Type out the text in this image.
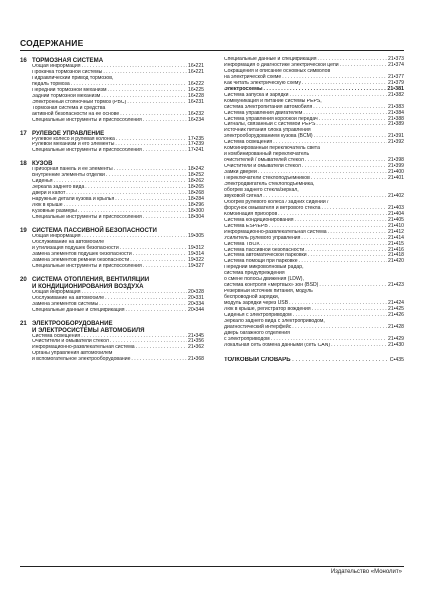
СОДЕРЖАНИЕ
16 ТОРМОЗНАЯ СИСТЕМА
Общая информация . . .	16•221
Прокачка тормозной системы . . .	16•221
Гидравлический привод тормозов,
педаль тормоза . . .	16•222
Передний тормозной механизм . . .	16•225
Задний тормозной механизм . . .	16•228
Электронный стояночный тормоз (PBC) . . .	16•231
Тормозная система и средства
активной безопасности на ее основе . . .	16•232
Специальные инструменты и приспособления . . .	16•234
17 РУЛЕВОЕ УПРАВЛЕНИЕ
Рулевое колесо и рулевая колонка . . .	17•235
Рулевой механизм и его элементы . . .	17•239
Специальные инструменты и приспособления . . .	17•241
18 КУЗОВ
Приборная панель и ее элементы . . .	18•242
Внутренние элементы отделки . . .	18•252
Сиденья . . .	18•262
Зеркала заднего вида . . .	18•265
Двери и капот . . .	18•268
Наружные детали кузова и крылья . . .	18•284
Люк в крыше . . .	18•296
Кузовные размеры . . .	18•300
Специальные инструменты и приспособления . . .	18•304
19 СИСТЕМА ПАССИВНОЙ БЕЗОПАСНОСТИ
Общая информация . . .	19•305
Обслуживание на автомобиле
и утилизация подушек безопасности . . .	19•312
Замена элементов подушек безопасности . . .	19•314
Замена элементов ремней безопасности . . .	19•322
Специальные инструменты и приспособления . . .	19•327
20 СИСТЕМА ОТОПЛЕНИЯ, ВЕНТИЛЯЦИИ
И КОНДИЦИОНИРОВАНИЯ ВОЗДУХА
Общая информация . . .	20•328
Обслуживание на автомобиле . . .	20•331
Замена элементов системы . . .	20•334
Специальные данные и спецификация . . .	20•344
21 ЭЛЕКТРООБОРУДОВАНИЕ
И ЭЛЕКТРОСИСТЕМЫ АВТОМОБИЛЯ
Система освещения . . .	21•345
Очистители и омыватели стекол . . .	21•356
Информационно-развлекательная система . . .	21•362
Органы управления автомобилем
и вспомогательное электрооборудование . . .	21•368
Специальные данные и спецификация . . .	21•373
Информация о диагностике электрической цепи . . .	21•374
Сокращения и описание основных символов
на электрической схеме . . .	21•377
Как читать электрическую схему . . .	21•379
Электросхемы . . .	21•381
Система запуска и зарядки . . .	21•382
Коммуникация и питание системы PEPS,
система электропитания автомобиля . . .	21•383
Система управления двигателем . . .	21•384
Система управления коробкой передач . . .	21•388
Сигналы, связанный с системой PEPS . . .	21•389
Источник питания блока управления
электрооборудованием кузова (BCM) . . .	21•391
Система освещения . . .	21•392
Комбинированный переключатель света
и комбинированный переключатель
очистителей / омывателей стекол . . .	21•398
Очистители и омыватели стекол . . .	21•399
Замки дверей . . .	21•400
Переключатели стеклоподъемников . . .	21•401
Электродвигатель стеклоподъемника,
обогрев заднего стекла/зеркал,
звуковой сигнал . . .	21•402
Обогрев рулевого колеса / задних сидений /
форсунок омывателя и ветрового стекла . . .	21•403
Комбинация приборов . . .	21•404
Система кондиционирования . . .	21•405
Система ESP/EPB . . .	21•410
Информационно-развлекательная система . . .	21•412
Усилитель рулевого управления . . .	21•414
Система TBOX . . .	21•415
Система пассивной безопасности . . .	21•416
Система автоматической парковки . . .	21•418
Система помощи при парковке . . .	21•420
Передний микроволновый радар,
система предупреждения
о смене полосы движения (LDW),
система контроля «мертвых» зон (BSD) . . .	21•423
Резервный источник питания, модуль
беспроводной зарядки,
модуль зарядки через USB . . .	21•424
Люк в крыше, регистратор вождения . . .	21•425
Сиденья с электроприводом . . .	21•426
Зеркало заднего вида с электроприводом,
диагностический интерфейс . . .	21•428
Дверь багажного отделения
с электроприводом . . .	21•429
Локальная сеть обмена данными (сеть CAN) . . .	21•430
ТОЛКОВЫЙ СЛОВАРЬ . . .	С•435
Издательство «Монолит»
